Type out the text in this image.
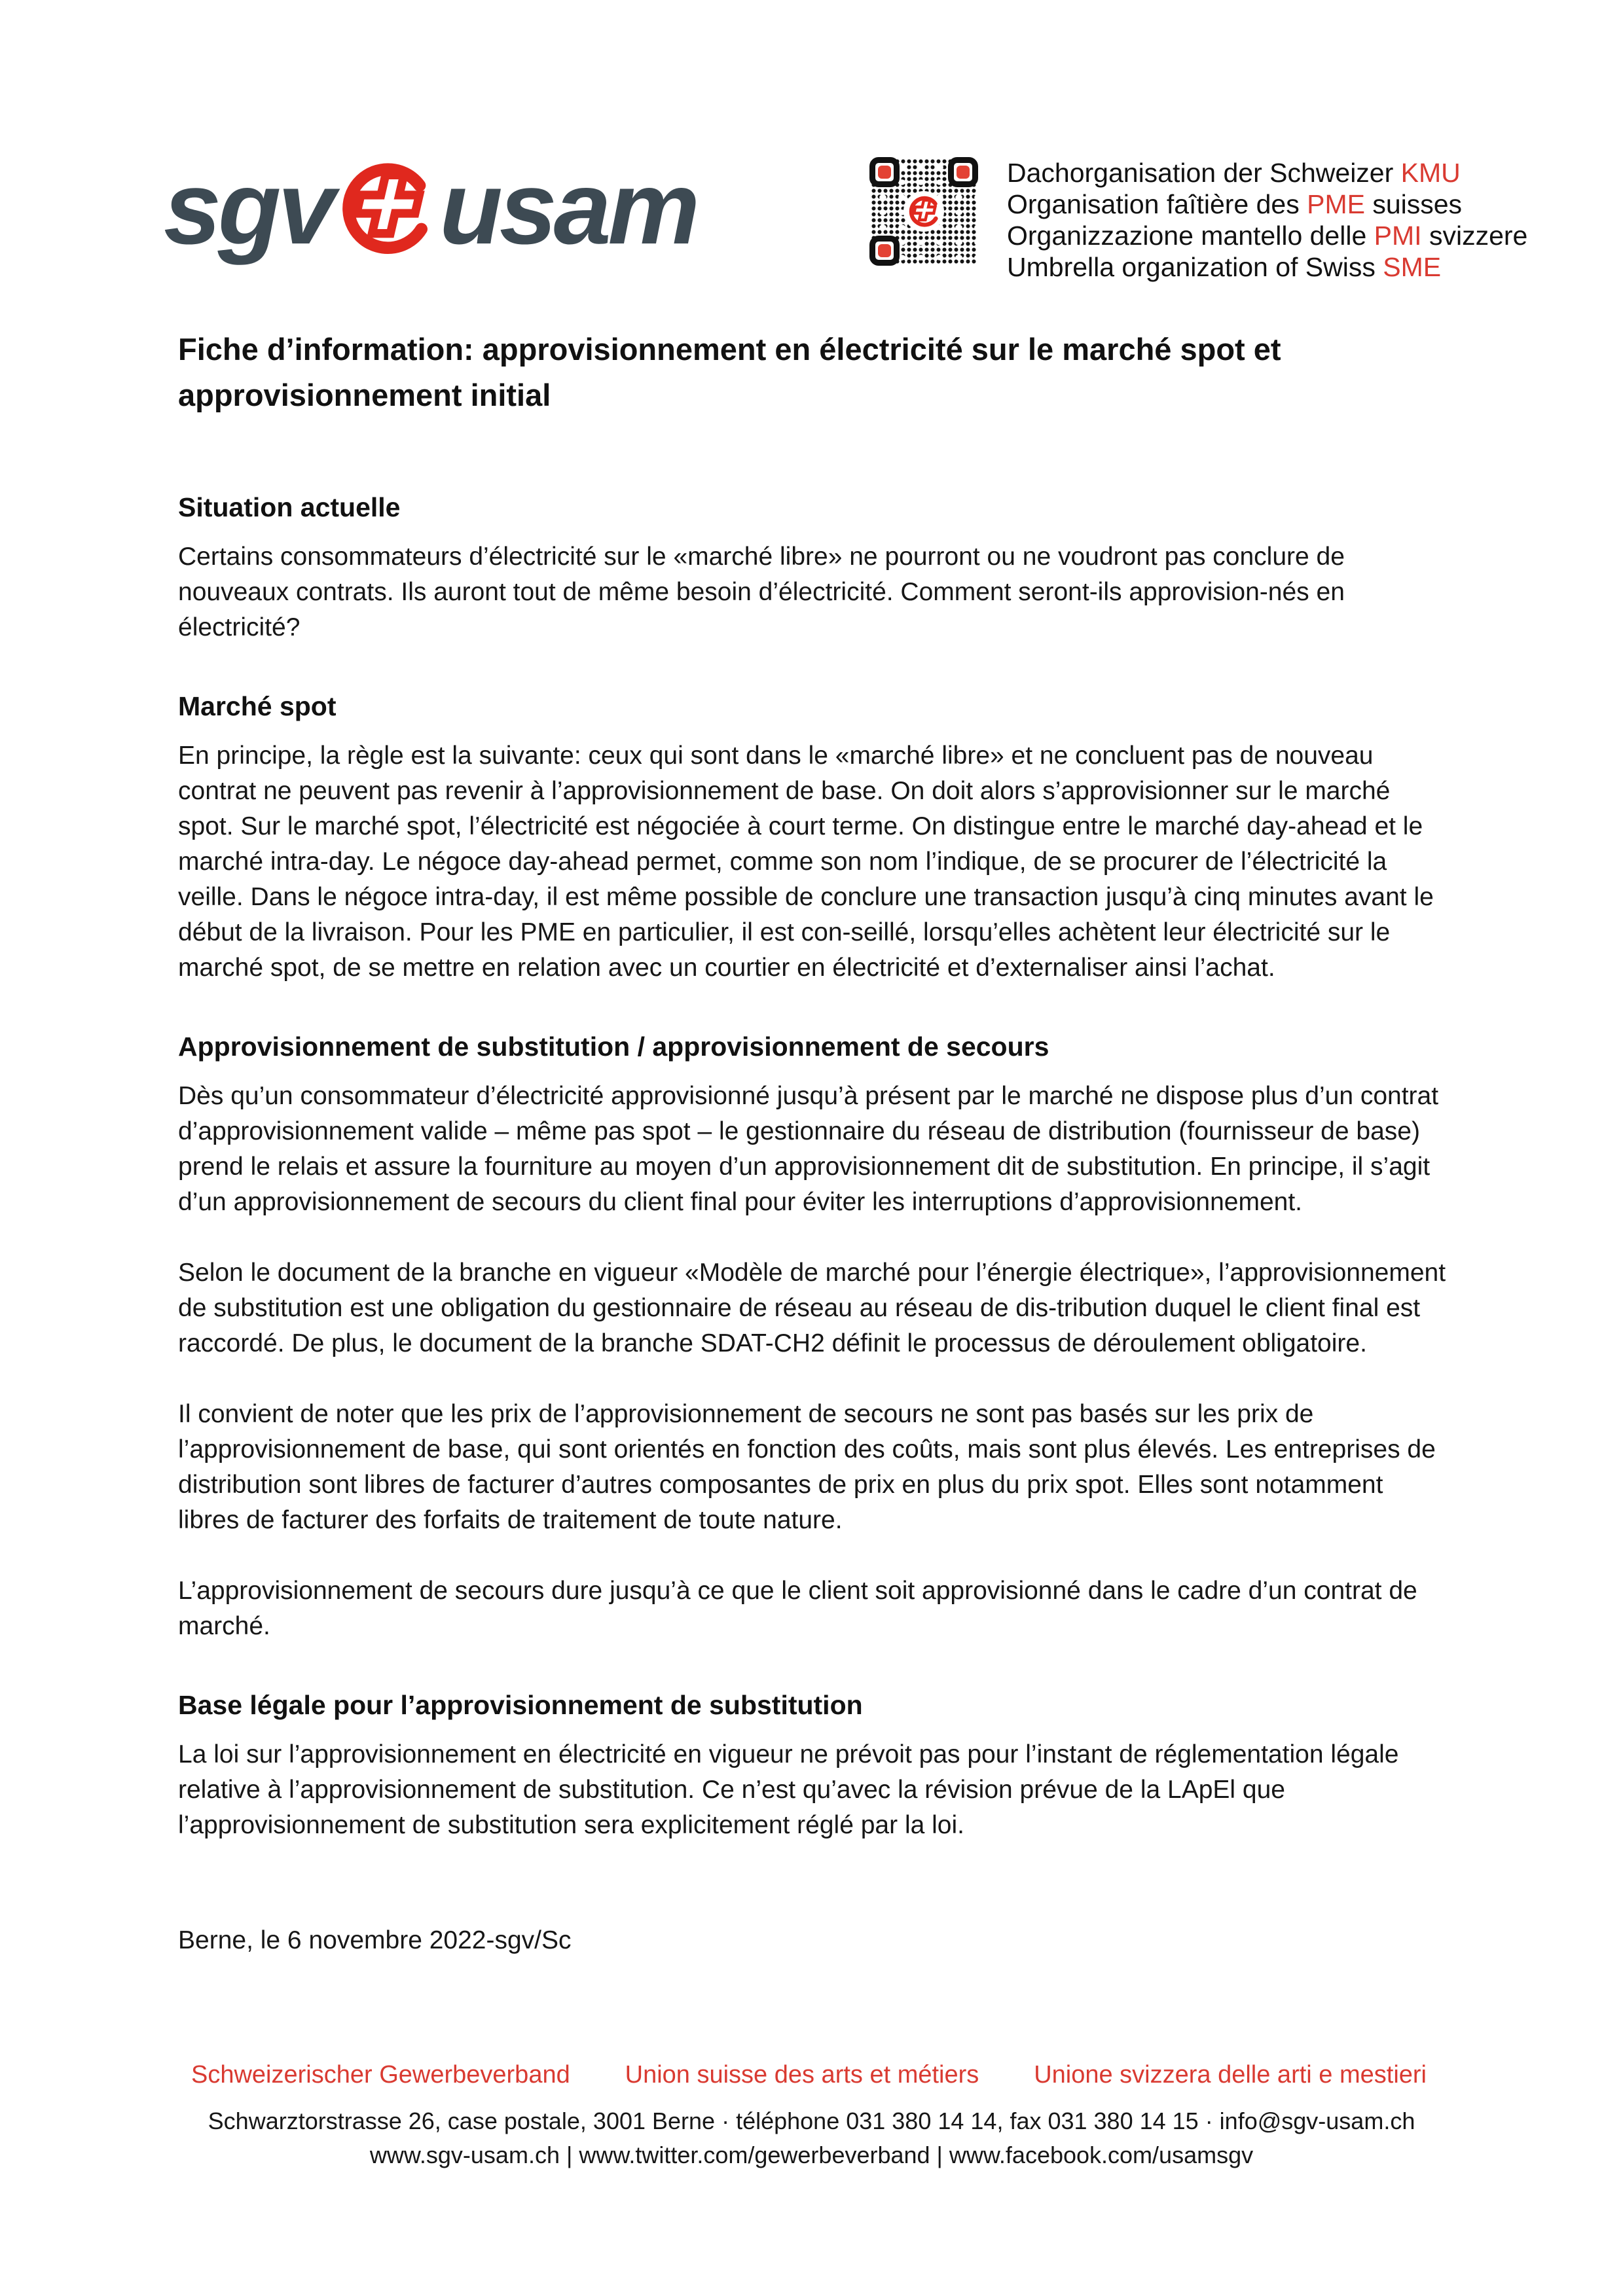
sgv usam	Dachorganisation der Schweizer KMU
Organisation faîtière des PME suisses
Organizzazione mantello delle PMI svizzere
Umbrella organization of Swiss SME
Fiche d’information: approvisionnement en électricité sur le marché spot et approvisionnement initial
Situation actuelle

Certains consommateurs d’électricité sur le «marché libre» ne pourront ou ne voudront pas conclure de nouveaux contrats. Ils auront tout de même besoin d’électricité. Comment seront-ils approvision-nés en électricité?

Marché spot

En principe, la règle est la suivante: ceux qui sont dans le «marché libre» et ne concluent pas de nouveau contrat ne peuvent pas revenir à l’approvisionnement de base. On doit alors s’approvisionner sur le marché spot. Sur le marché spot, l’électricité est négociée à court terme. On distingue entre le marché day-ahead et le marché intra-day. Le négoce day-ahead permet, comme son nom l’indique, de se procurer de l’électricité la veille. Dans le négoce intra-day, il est même possible de conclure une transaction jusqu’à cinq minutes avant le début de la livraison. Pour les PME en particulier, il est con-seillé, lorsqu’elles achètent leur électricité sur le marché spot, de se mettre en relation avec un courtier en électricité et d’externaliser ainsi l’achat.

Approvisionnement de substitution / approvisionnement de secours

Dès qu’un consommateur d’électricité approvisionné jusqu’à présent par le marché ne dispose plus d’un contrat d’approvisionnement valide – même pas spot – le gestionnaire du réseau de distribution (fournisseur de base) prend le relais et assure la fourniture au moyen d’un approvisionnement dit de substitution. En principe, il s’agit d’un approvisionnement de secours du client final pour éviter les interruptions d’approvisionnement.

Selon le document de la branche en vigueur «Modèle de marché pour l’énergie électrique», l’approvisionnement de substitution est une obligation du gestionnaire de réseau au réseau de dis-tribution duquel le client final est raccordé. De plus, le document de la branche SDAT-CH2 définit le processus de déroulement obligatoire.

Il convient de noter que les prix de l’approvisionnement de secours ne sont pas basés sur les prix de l’approvisionnement de base, qui sont orientés en fonction des coûts, mais sont plus élevés. Les entreprises de distribution sont libres de facturer d’autres composantes de prix en plus du prix spot. Elles sont notamment libres de facturer des forfaits de traitement de toute nature.

L’approvisionnement de secours dure jusqu’à ce que le client soit approvisionné dans le cadre d’un contrat de marché.

Base légale pour l’approvisionnement de substitution

La loi sur l’approvisionnement en électricité en vigueur ne prévoit pas pour l’instant de réglementation légale relative à l’approvisionnement de substitution. Ce n’est qu’avec la révision prévue de la LApEl que l’approvisionnement de substitution sera explicitement réglé par la loi.

Berne, le 6 novembre 2022-sgv/Sc
Schweizerischer Gewerbeverband Union suisse des arts et métiers Unione svizzera delle arti e mestieri
Schwarztorstrasse 26, case postale, 3001 Berne · téléphone 031 380 14 14, fax 031 380 14 15 · info@sgv-usam.ch
www.sgv-usam.ch | www.twitter.com/gewerbeverband | www.facebook.com/usamsgv
